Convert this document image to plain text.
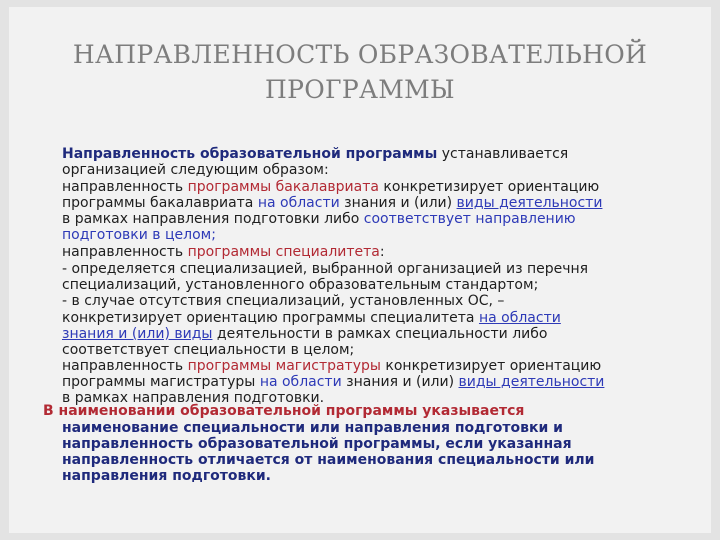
НАПРАВЛЕННОСТЬ ОБРАЗОВАТЕЛЬНОЙ
ПРОГРАММЫ
Направленность образовательной программы устанавливается
организацией следующим образом:
направленность программы бакалавриата конкретизирует ориентацию
программы бакалавриата на области знания и (или) виды деятельности
в рамках направления подготовки либо соответствует направлению
подготовки в целом;
направленность программы специалитета:
- определяется специализацией, выбранной организацией из перечня
специализаций, установленного образовательным стандартом;
- в случае отсутствия специализаций, установленных ОС, –
конкретизирует ориентацию программы специалитета на области
знания и (или) виды деятельности в рамках специальности либо
соответствует специальности в целом;
направленность программы магистратуры конкретизирует ориентацию
программы магистратуры на области знания и (или) виды деятельности
в рамках направления подготовки.
В наименовании образовательной программы указывается
наименование специальности или направления подготовки и
направленность образовательной программы, если указанная
направленность отличается от наименования специальности или
направления подготовки.
